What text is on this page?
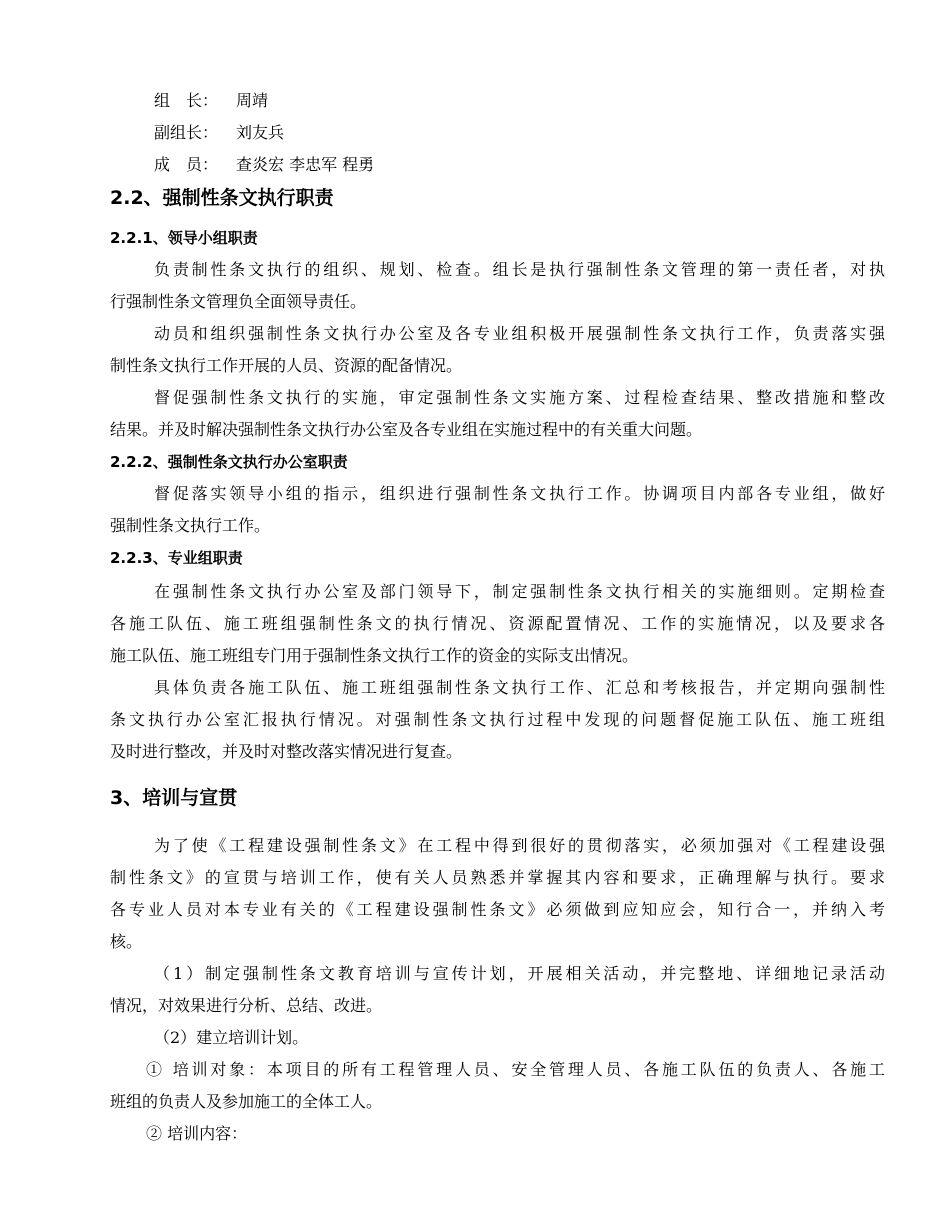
组　长： 周靖
副组长： 刘友兵
成　员： 查炎宏 李忠军 程勇
2.2、强制性条文执行职责
2.2.1、领导小组职责
负责制性条文执行的组织、规划、检查。组长是执行强制性条文管理的第一责任者，对执
行强制性条文管理负全面领导责任。
动员和组织强制性条文执行办公室及各专业组积极开展强制性条文执行工作，负责落实强
制性条文执行工作开展的人员、资源的配备情况。
督促强制性条文执行的实施，审定强制性条文实施方案、过程检查结果、整改措施和整改
结果。并及时解决强制性条文执行办公室及各专业组在实施过程中的有关重大问题。
2.2.2、强制性条文执行办公室职责
督促落实领导小组的指示，组织进行强制性条文执行工作。协调项目内部各专业组，做好
强制性条文执行工作。
2.2.3、专业组职责
在强制性条文执行办公室及部门领导下，制定强制性条文执行相关的实施细则。定期检查
各施工队伍、施工班组强制性条文的执行情况、资源配置情况、工作的实施情况，以及要求各
施工队伍、施工班组专门用于强制性条文执行工作的资金的实际支出情况。
具体负责各施工队伍、施工班组强制性条文执行工作、汇总和考核报告，并定期向强制性
条文执行办公室汇报执行情况。对强制性条文执行过程中发现的问题督促施工队伍、施工班组
及时进行整改，并及时对整改落实情况进行复查。
3、培训与宣贯
为了使《工程建设强制性条文》在工程中得到很好的贯彻落实，必须加强对《工程建设强
制性条文》的宣贯与培训工作，使有关人员熟悉并掌握其内容和要求，正确理解与执行。要求
各专业人员对本专业有关的《工程建设强制性条文》必须做到应知应会，知行合一，并纳入考
核。
（1）制定强制性条文教育培训与宣传计划，开展相关活动，并完整地、详细地记录活动
情况，对效果进行分析、总结、改进。
（2）建立培训计划。
① 培训对象：本项目的所有工程管理人员、安全管理人员、各施工队伍的负责人、各施工
班组的负责人及参加施工的全体工人。
② 培训内容：
